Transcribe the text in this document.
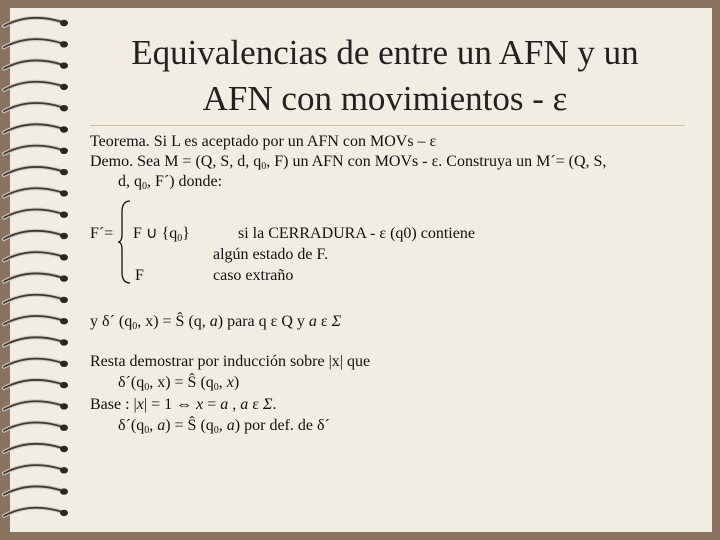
Equivalencias de entre un AFN y un
AFN con movimientos - ε
Teorema. Si L es aceptado por un AFN con MOVs – ε
Demo. Sea M = (Q, S, d, $q_0$, F) un AFN con MOVs - ε. Construya un M´= (Q, S,
d, $q_0$, F´) donde:
F´= F ∪ $\{q_0\}$	si la CERRADURA - ε (q0) contiene
algún estado de F.
F	caso extraño
y δ´ ($q_0$, x) = Ŝ (q, a) para q ε Q y a ε Σ
Resta demostrar por inducción sobre |x| que
$\delta´(q_0$, x) = Ŝ ($q_0$, x)
Base : |x| = 1 ⇔ x = a , a ε Σ.
$\delta´(q_0$, a) = Ŝ ($q_0$, a) por def. de δ´
